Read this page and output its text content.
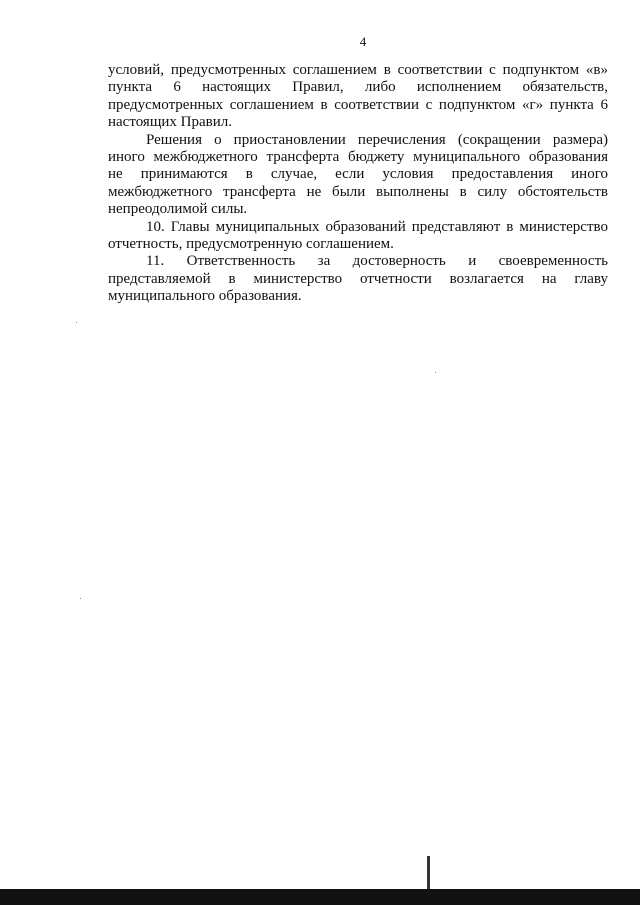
4
условий, предусмотренных соглашением в соответствии с подпунктом «в»
пункта 6 настоящих Правил, либо исполнением обязательств,
предусмотренных соглашением в соответствии с подпунктом «г» пункта 6
настоящих Правил.
Решения о приостановлении перечисления (сокращении размера)
иного межбюджетного трансферта бюджету муниципального образования
не принимаются в случае, если условия предоставления иного
межбюджетного трансферта не были выполнены в силу обстоятельств
непреодолимой силы.
10. Главы муниципальных образований представляют в министерство
отчетность, предусмотренную соглашением.
11. Ответственность за достоверность и своевременность
представляемой в министерство отчетности возлагается на главу
муниципального образования.
